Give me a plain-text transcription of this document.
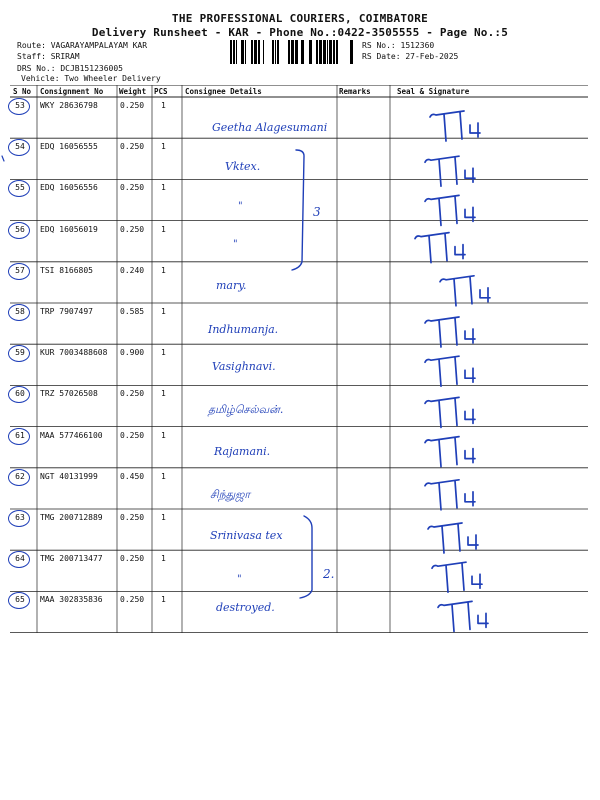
THE PROFESSIONAL COURIERS, COIMBATORE
Delivery Runsheet - KAR - Phone No.:0422-3505555 - Page No.:5
Route: VAGARAYAMPALAYAM KAR
Staff: SRIRAM
DRS No.: DCJB151236005
Vehicle: Two Wheeler Delivery
RS No.: 1512360
RS Date: 27-Feb-2025
S No Consignment No Weight PCS Consignee Details	Remarks	Seal & Signature
53	WKY 28636798	0.250 1
Geetha Alagesumani
54	EDQ 16056555	0.250 1
Vktex.
55	EDQ 16056556	0.250 1
"
56	EDQ 16056019	0.250 1
"
57	TSI 8166805	0.240 1
mary.
58	TRP 7907497	0.585 1
Indhumanja.
59	KUR 7003488608 0.900 1
Vasighnavi.
60	TRZ 57026508	0.250 1
தமிழ்செல்வன்.
61	MAA 577466100 0.250 1
Rajamani.
62	NGT 40131999	0.450 1
சிந்துஜா
63	TMG 200712889 0.250 1
Srinivasa tex
64	TMG 200713477 0.250 1
"
65	MAA 302835836 0.250 1
destroyed.
3
2.
